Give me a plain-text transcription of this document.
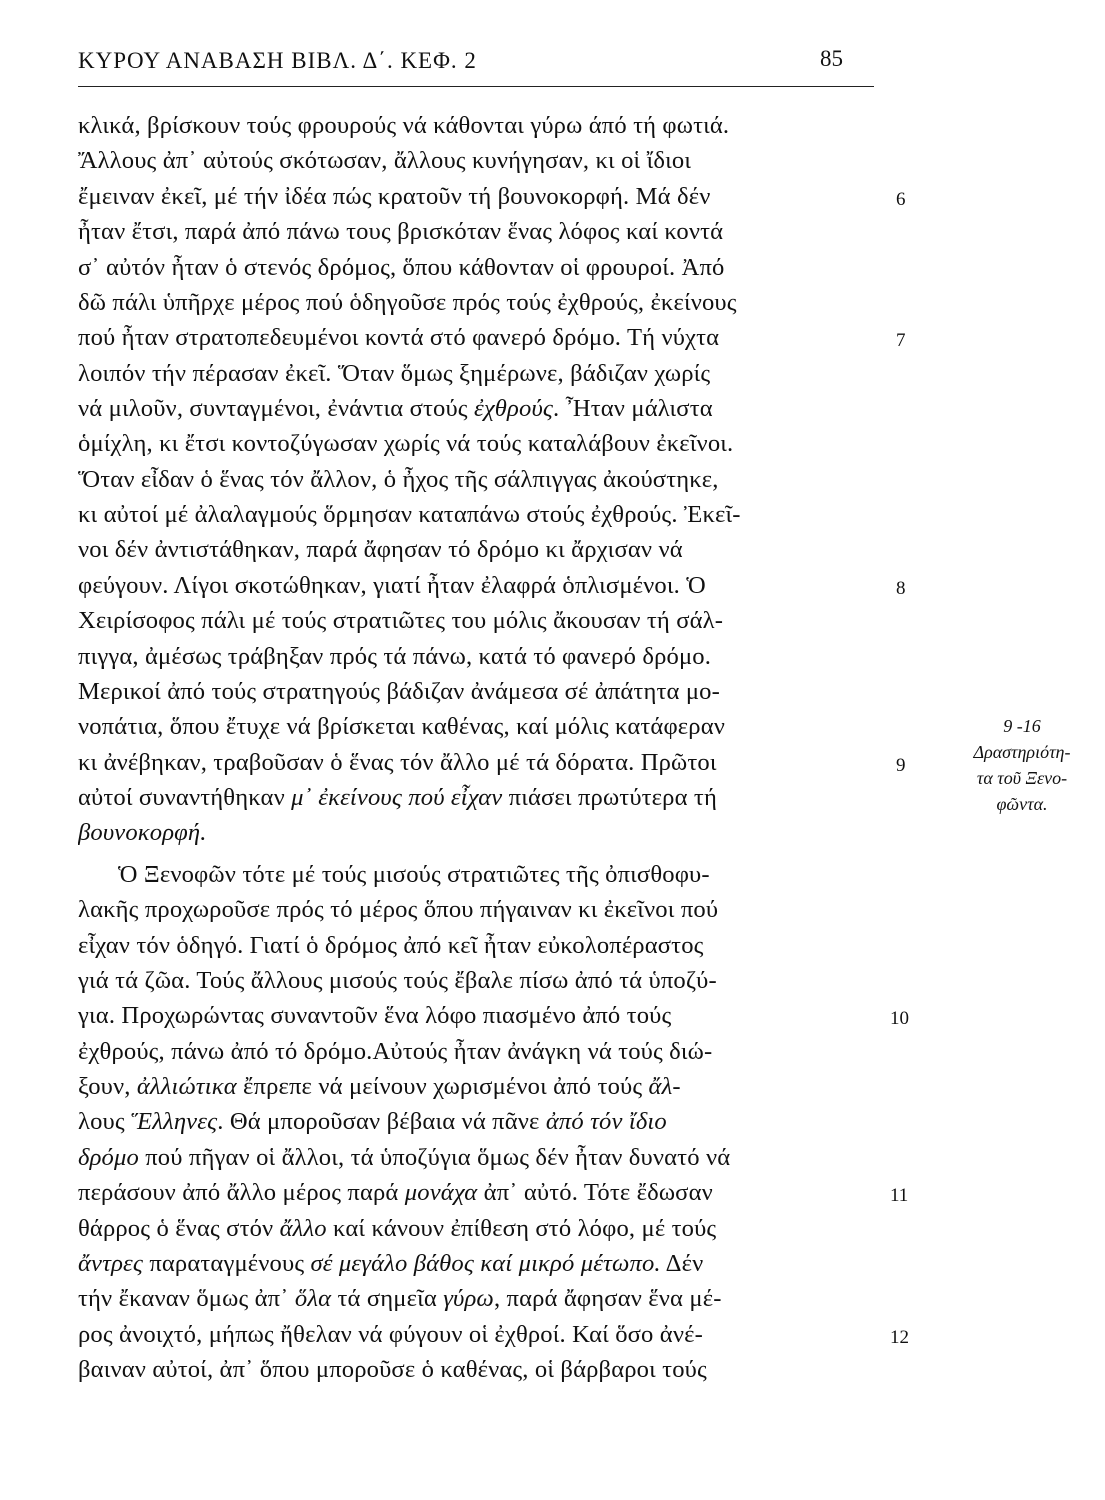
ΚΥΡΟΥ ΑΝΑΒΑΣΗ ΒΙΒΛ. Δ΄. ΚΕΦ. 2	85
κλικά, βρίσκουν τούς φρουρούς νά κάθονται γύρω άπό τή φωτιά.
Ἄλλους ἀπ᾿ αὐτούς σκότωσαν, ἄλλους κυνήγησαν, κι οἱ ἴδιοι
ἔμειναν ἐκεῖ, μέ τήν ἰδέα πώς κρατοῦν τή βουνοκορφή. Μά δέν
ἦταν ἔτσι, παρά ἀπό πάνω τους βρισκόταν ἕνας λόφος καί κοντά
σ᾿ αὐτόν ἦταν ὁ στενός δρόμος, ὅπου κάθονταν οἱ φρουροί. Ἀπό
δῶ πάλι ὑπῆρχε μέρος πού ὁδηγοῦσε πρός τούς ἐχθρούς, ἐκείνους
πού ἦταν στρατοπεδευμένοι κοντά στό φανερό δρόμο. Τή νύχτα
λοιπόν τήν πέρασαν ἐκεῖ. Ὅταν ὅμως ξημέρωνε, βάδιζαν χωρίς
νά μιλοῦν, συνταγμένοι, ἐνάντια στούς ἐχθρούς. Ἦταν μάλιστα
ὁμίχλη, κι ἔτσι κοντοζύγωσαν χωρίς νά τούς καταλάβουν ἐκεῖνοι.
Ὅταν εἶδαν ὁ ἕνας τόν ἄλλον, ὁ ἦχος τῆς σάλπιγγας ἀκούστηκε,
κι αὐτοί μέ ἀλαλαγμούς ὅρμησαν καταπάνω στούς ἐχθρούς. Ἐκεῖ-
νοι δέν ἀντιστάθηκαν, παρά ἄφησαν τό δρόμο κι ἄρχισαν νά
φεύγουν. Λίγοι σκοτώθηκαν, γιατί ἦταν ἐλαφρά ὁπλισμένοι. Ὁ
Χειρίσοφος πάλι μέ τούς στρατιῶτες του μόλις ἄκουσαν τή σάλ-
πιγγα, ἀμέσως τράβηξαν πρός τά πάνω, κατά τό φανερό δρόμο.
Μερικοί ἀπό τούς στρατηγούς βάδιζαν ἀνάμεσα σέ ἀπάτητα μο-
νοπάτια, ὅπου ἔτυχε νά βρίσκεται καθένας, καί μόλις κατάφεραν
κι ἀνέβηκαν, τραβοῦσαν ὁ ἕνας τόν ἄλλο μέ τά δόρατα. Πρῶτοι
αὐτοί συναντήθηκαν μ᾿ ἐκείνους πού εἶχαν πιάσει πρωτύτερα τή
βουνοκορφή.
Ὁ Ξενοφῶν τότε μέ τούς μισούς στρατιῶτες τῆς ὀπισθοφυ-
λακῆς προχωροῦσε πρός τό μέρος ὅπου πήγαιναν κι ἐκεῖνοι πού
εἶχαν τόν ὁδηγό. Γιατί ὁ δρόμος ἀπό κεῖ ἦταν εὐκολοπέραστος
γιά τά ζῶα. Τούς ἄλλους μισούς τούς ἔβαλε πίσω ἀπό τά ὑποζύ-
για. Προχωρώντας συναντοῦν ἕνα λόφο πιασμένο ἀπό τούς
ἐχθρούς, πάνω ἀπό τό δρόμο.Αὐτούς ἦταν ἀνάγκη νά τούς διώ-
ξουν, ἀλλιώτικα ἔπρεπε νά μείνουν χωρισμένοι ἀπό τούς ἄλ-
λους Ἕλληνες. Θά μποροῦσαν βέβαια νά πᾶνε ἀπό τόν ἴδιο
δρόμο πού πῆγαν οἱ ἄλλοι, τά ὑποζύγια ὅμως δέν ἦταν δυνατό νά
περάσουν ἀπό ἄλλο μέρος παρά μονάχα ἀπ᾿ αὐτό. Τότε ἔδωσαν
θάρρος ὁ ἕνας στόν ἄλλο καί κάνουν ἐπίθεση στό λόφο, μέ τούς
ἄντρες παραταγμένους σέ μεγάλο βάθος καί μικρό μέτωπο. Δέν
τήν ἔκαναν ὅμως ἀπ᾿ ὅλα τά σημεῖα γύρω, παρά ἄφησαν ἕνα μέ-
ρος ἀνοιχτό, μήπως ἤθελαν νά φύγουν οἱ ἐχθροί. Καί ὅσο ἀνέ-
βαιναν αὐτοί, ἀπ᾿ ὅπου μποροῦσε ὁ καθένας, οἱ βάρβαροι τούς
6
7
8
9
10
11
12
9 -16
Δραστηριότη-
τα τοῦ Ξενο-
φῶντα.
